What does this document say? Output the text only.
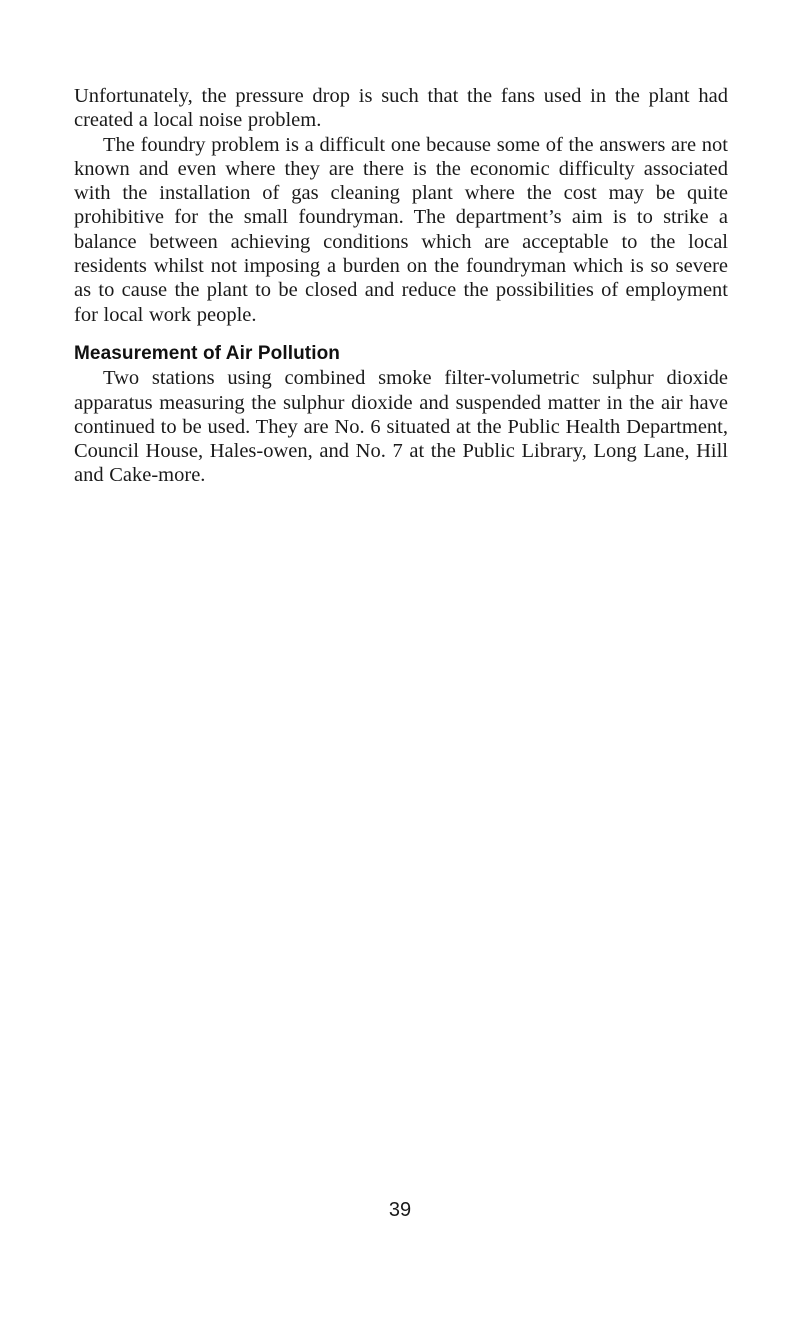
Unfortunately, the pressure drop is such that the fans used in the plant had created a local noise problem.

The foundry problem is a difficult one because some of the answers are not known and even where they are there is the economic difficulty associated with the installation of gas cleaning plant where the cost may be quite prohibitive for the small foundryman. The department’s aim is to strike a balance between achieving conditions which are acceptable to the local residents whilst not imposing a burden on the foundryman which is so severe as to cause the plant to be closed and reduce the possibilities of employment for local work people.

Measurement of Air Pollution

Two stations using combined smoke filter-volumetric sulphur dioxide apparatus measuring the sulphur dioxide and suspended matter in the air have continued to be used. They are No. 6 situated at the Public Health Department, Council House, Hales-owen, and No. 7 at the Public Library, Long Lane, Hill and Cake-more.

39
